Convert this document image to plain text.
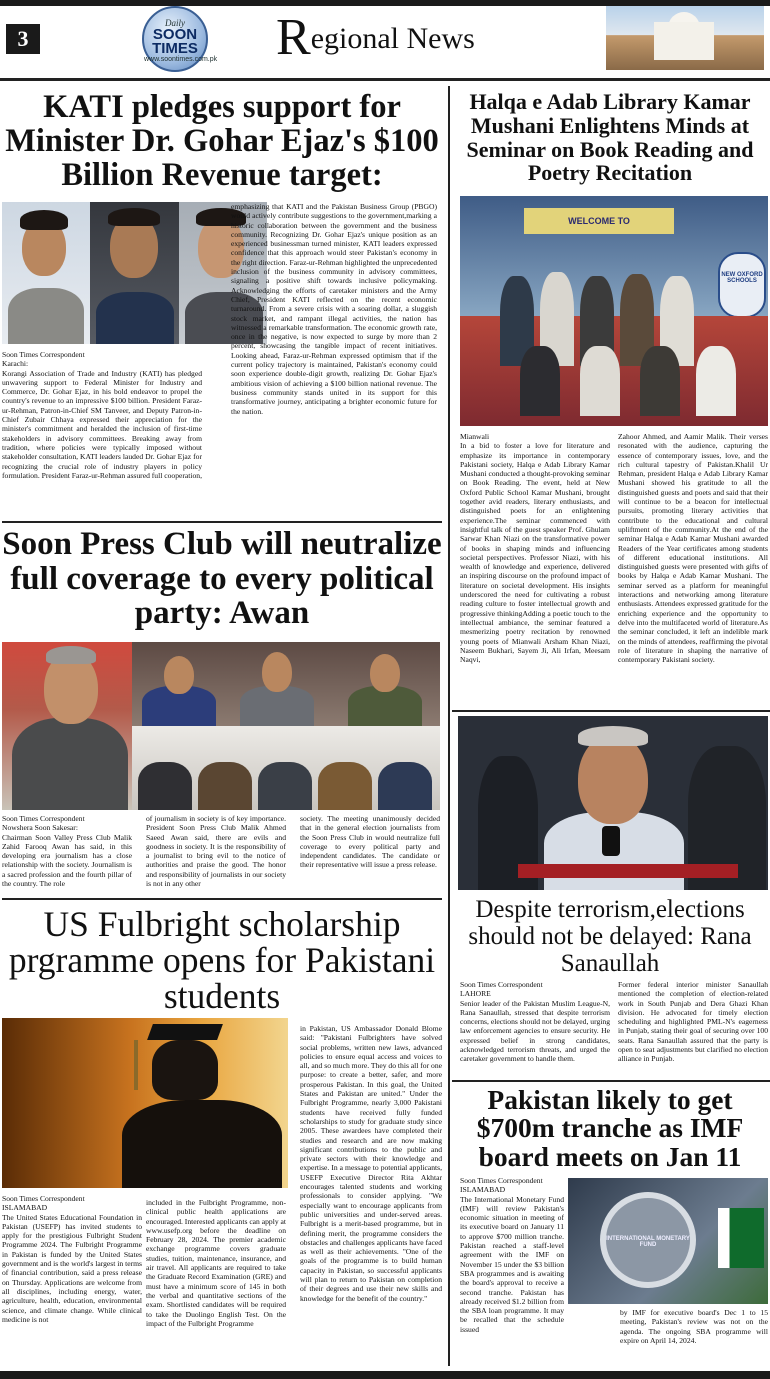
3
Daily
SOON TIMES
www.soontimes.com.pk Regional News
KATI pledges support for Minister Dr. Gohar Ejaz's $100 Billion Revenue target:

Soon Times Correspondent

Karachi:

Korangi Association of Trade and Industry (KATI) has pledged unwavering support to Federal Minister for Industry and Commerce, Dr. Gohar Ejaz, in his bold endeavor to propel the country's revenue to an impressive $100 billion. President Faraz-ur-Rehman, Patron-in-Chief SM Tanveer, and Deputy Patron-in-Chief Zubair Chhaya expressed their appreciation for the minister's commitment and heralded the inclusion of first-time stakeholders in advisory committees. Breaking away from tradition, where policies were typically imposed without stakeholder consultation, KATI leaders lauded Dr. Gohar Ejaz for recognizing the crucial role of industry players in policy formulation. President Faraz-ur-Rehman assured full cooperation,

emphasizing that KATI and the Pakistan Business Group (PBGO) would actively contribute suggestions to the government,marking a historic collaboration between the government and the business community. Recognizing Dr. Gohar Ejaz's unique position as an experienced businessman turned minister, KATI leaders expressed confidence that this approach would steer Pakistan's economy in the right direction. Faraz-ur-Rehman highlighted the unprecedented inclusion of the business community in advisory committees, signaling a positive shift towards inclusive policymaking. Acknowledging the efforts of caretaker ministers and the Army Chief, President KATI reflected on the recent economic turnaround. From a severe crisis with a soaring dollar, a sluggish stock market, and rampant illegal activities, the nation has witnessed a remarkable transformation. The economic growth rate, once in the negative, is now expected to surge by more than 2 percent, showcasing the tangible impact of recent initiatives. Looking ahead, Faraz-ur-Rehman expressed optimism that if the current policy trajectory is maintained, Pakistan's economy could soon experience double-digit growth, realizing Dr. Gohar Ejaz's ambitious vision of achieving a $100 billion national revenue. The business community stands united in its support for this transformative journey, anticipating a brighter economic future for the nation.

Soon Press Club will neutralize full coverage to every political party: Awan

Soon Times Correspondent

Nowshera Soon Sakesar:

Chairman Soon Valley Press Club Malik Zahid Farooq Awan has said, in this developing era journalism has a close relationship with the society. Journalism is a sacred profession and the fourth pillar of the country. The role

of journalism in society is of key importance. President Soon Press Club Malik Ahmed Saeed Awan said, there are evils and goodness in society. It is the responsibility of a journalist to bring evil to the notice of authorities and praise the good. The honor and responsibility of journalists in our society is not in any other

society. The meeting unanimously decided that in the general election journalists from the Soon Press Club in would neutralize full coverage to every political party and independent candidates. The candidate or their representative will issue a press release.

US Fulbright scholarship prgramme opens for Pakistani students

Soon Times Correspondent

ISLAMABAD

The United States Educational Foundation in Pakistan (USEFP) has invited students to apply for the prestigious Fulbright Student Programme 2024. The Fulbright Programme in Pakistan is funded by the United States government and is the world's largest in terms of financial contribution, said a press release on Thursday. Applications are welcome from all disciplines, including energy, water, agriculture, health, education, environmental science, and climate change. While clinical medicine is not

included in the Fulbright Programme, non-clinical public health applications are encouraged. Interested applicants can apply at www.usefp.org before the deadline on February 28, 2024. The premier academic exchange programme covers graduate studies, tuition, maintenance, insurance, and air travel. All applicants are required to take the Graduate Record Examination (GRE) and must have a minimum score of 145 in both the verbal and quantitative sections of the exam. Shortlisted candidates will be required to take the Duolingo English Test. On the impact of the Fulbright Programme

in Pakistan, US Ambassador Donald Blome said: "Pakistani Fulbrighters have solved social problems, written new laws, advanced policies to ensure equal access and voices to all, and so much more. They do this all for one purpose: to create a better, safer, and more prosperous Pakistan. In this goal, the United States and Pakistan are united." Under the Fulbright Programme, nearly 3,000 Pakistani students have received fully funded scholarships to study for graduate study since 2005. These awardees have completed their studies and research and are now making significant contributions to the public and private sectors with their knowledge and expertise. In a message to potential applicants, USEFP Executive Director Rita Akhtar encourages talented students and working professionals to consider applying. "We especially want to encourage applicants from public universities and under-served areas. Fulbright is a merit-based programme, but in defining merit, the programme considers the obstacles and challenges applicants have faced as well as their achievements. "One of the goals of the programme is to build human capacity in Pakistan, so successful applicants will plan to return to Pakistan on completion of their degrees and use their new skills and knowledge for the benefit of the country."

Halqa e Adab Library Kamar Mushani Enlightens Minds at Seminar on Book Reading and Poetry Recitation
WELCOME TO
NEW OXFORD SCHOOLS

Mianwali

In a bid to foster a love for literature and emphasize its importance in contemporary Pakistani society, Halqa e Adab Library Kamar Mushani conducted a thought-provoking seminar on Book Reading. The event, held at New Oxford Public School Kamar Mushani, brought together avid readers, literary enthusiasts, and distinguished poets for an enlightening experience.The seminar commenced with insightful talk of the guest speaker Prof. Ghulam Sarwar Khan Niazi on the transformative power of books in shaping minds and influencing societal perspectives. Professor Niazi, with his wealth of knowledge and experience, delivered an inspiring discourse on the profound impact of literature on societal development. His insights underscored the need for cultivating a robust reading culture to foster intellectual growth and progressive thinkingAdding a poetic touch to the intellectual ambiance, the seminar featured a mesmerizing poetry recitation by renowned young poets of Mianwali Arsham Khan Niazi, Naseem Bukhari, Sayem Ji, Ali Irfan, Meesam Naqvi,

Zahoor Ahmed, and Aamir Malik. Their verses resonated with the audience, capturing the essence of contemporary issues, love, and the rich cultural tapestry of Pakistan.Khalil Ur Rehman, president Halqa e Adab Library Kamar Mushani showed his gratitude to all the distinguished guests and poets and said that their will continue to be a beacon for intellectual pursuits, promoting literary activities that contribute to the educational and cultural upliftment of the community.At the end of the seminar Halqa e Adab Kamar Mushani awarded Readers of the Year certificates among students of different educational institutions. All distinguished guests were presented with gifts of books by Halqa e Adab Kamar Mushani. The seminar served as a platform for meaningful interactions and networking among literature enthusiasts. Attendees expressed gratitude for the enriching experience and the opportunity to delve into the multifaceted world of literature.As the seminar concluded, it left an indelible mark on the minds of attendees, reaffirming the pivotal role of literature in shaping the narrative of contemporary Pakistani society.

Despite terrorism,elections should not be delayed: Rana Sanaullah

Soon Times Correspondent

LAHORE

Senior leader of the Pakistan Muslim League-N, Rana Sanaullah, stressed that despite terrorism concerns, elections should not be delayed, urging law enforcement agencies to ensure security. He expressed belief in strong candidates, acknowledged terrorism threats, and urged the caretaker government to handle them.

Former federal interior minister Sanaullah mentioned the completion of election-related work in South Punjab and Dera Ghazi Khan division. He advocated for timely election scheduling and highlighted PML-N's eagerness in Punjab, stating their goal of securing over 100 seats. Rana Sanaullah assured that the party is open to seat adjustments but clarified no election alliance in Punjab.

Pakistan likely to get $700m tranche as IMF board meets on Jan 11

Soon Times Correspondent

ISLAMABAD

The International Monetary Fund (IMF) will review Pakistan's economic situation in meeting of its executive board on January 11 to approve $700 million tranche. Pakistan reached a staff-level agreement with the IMF on November 15 under the $3 billion SBA programmes and is awaiting the board's approval to receive a second tranche. Pakistan has already received $1.2 billion from the SBA loan programme. It may be recalled that the schedule issued

INTERNATIONAL MONETARY FUND

by IMF for executive board's Dec 1 to 15 meeting, Pakistan's review was not on the agenda. The ongoing SBA programme will expire on April 14, 2024.
